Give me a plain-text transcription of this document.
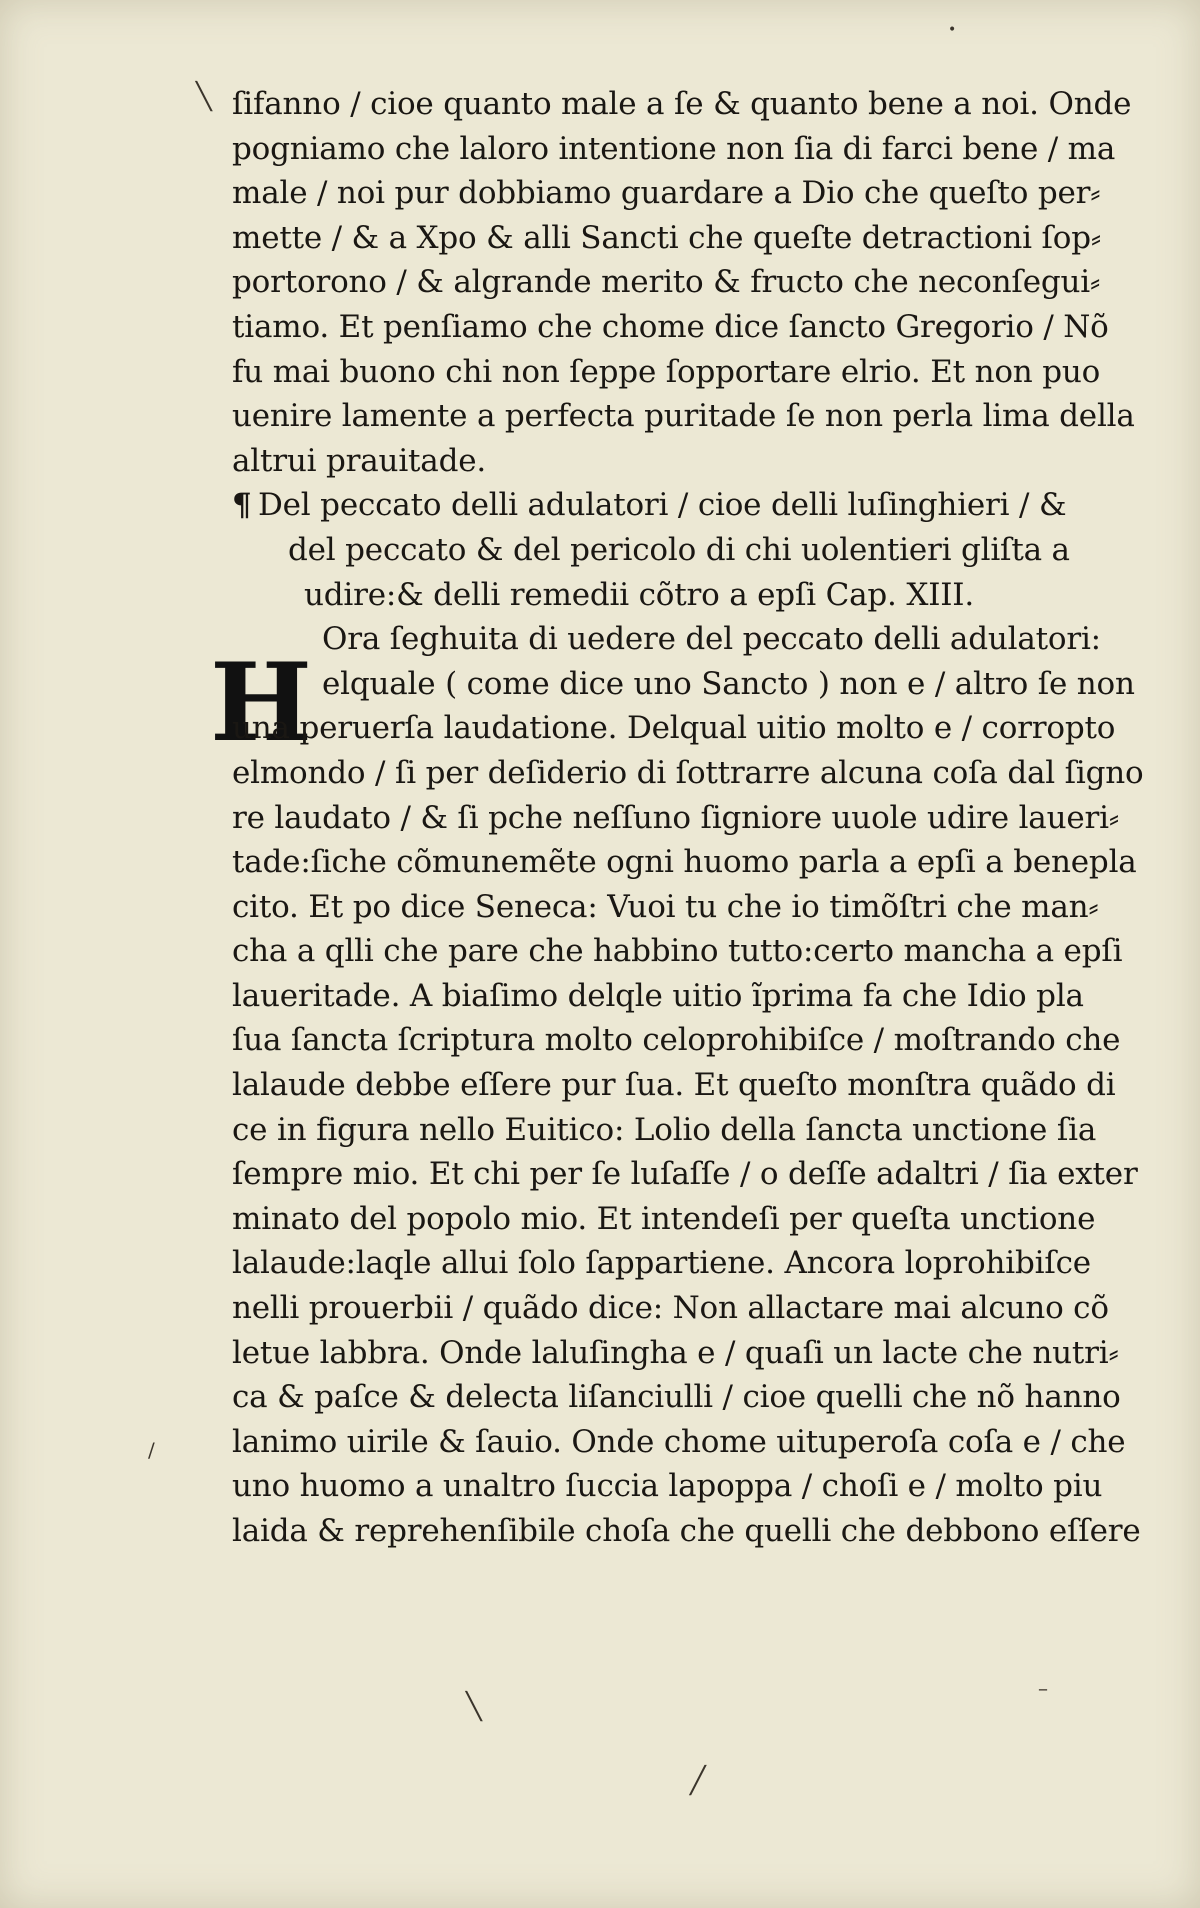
╲
/
╲
╱
–
•
H
ſifanno / cioe quanto male a ſe & quanto bene a noi. Onde
pogniamo che laloro intentione non ſia di farci bene / ma
male / noi pur dobbiamo guardare a Dio che queſto per⸗
mette / & a Xpo & alli Sancti che queſte detractioni ſop⸗
portorono / & algrande merito & fructo che neconſegui⸗
tiamo. Et penſiamo che chome dice ſancto Gregorio / Nõ
fu mai buono chi non ſeppe ſopportare elrio. Et non puo
uenire lamente a perfecta puritade ſe non perla lima della
altrui prauitade.
¶ Del peccato delli adulatori / cioe delli luſinghieri / &
del peccato & del pericolo di chi uolentieri gliſta a
udire:& delli remedii cõtro a epſi Cap. XIII.
Ora ſeghuita di uedere del peccato delli adulatori:
elquale ( come dice uno Sancto ) non e / altro ſe non
una peruerſa laudatione. Delqual uitio molto e / corropto
elmondo / ſi per deſiderio di ſottrarre alcuna coſa dal ſigno
re laudato / & ſi pche neſſuno ſigniore uuole udire laueri⸗
tade:ſiche cõmunemẽte ogni huomo parla a epſi a benepla
cito. Et po dice Seneca: Vuoi tu che io timõſtri che man⸗
cha a qlli che pare che habbino tutto:certo mancha a epſi
laueritade. A biaſimo delqle uitio ĩprima fa che Idio pla
ſua ſancta ſcriptura molto celoprohibiſce / moſtrando che
lalaude debbe eſſere pur ſua. Et queſto monſtra quãdo di
ce in figura nello Euitico: Lolio della ſancta unctione ſia
ſempre mio. Et chi per ſe luſaſſe / o deſſe adaltri / ſia exter
minato del popolo mio. Et intendeſi per queſta unctione
lalaude:laqle allui ſolo ſappartiene. Ancora loprohibiſce
nelli prouerbii / quãdo dice: Non allactare mai alcuno cõ
letue labbra. Onde laluſingha e / quaſi un lacte che nutri⸗
ca & paſce & delecta liſanciulli / cioe quelli che nõ hanno
lanimo uirile & ſauio. Onde chome uituperoſa coſa e / che
uno huomo a unaltro ſuccia lapoppa / choſi e / molto piu
laida & reprehenſibile choſa che quelli che debbono eſſere
